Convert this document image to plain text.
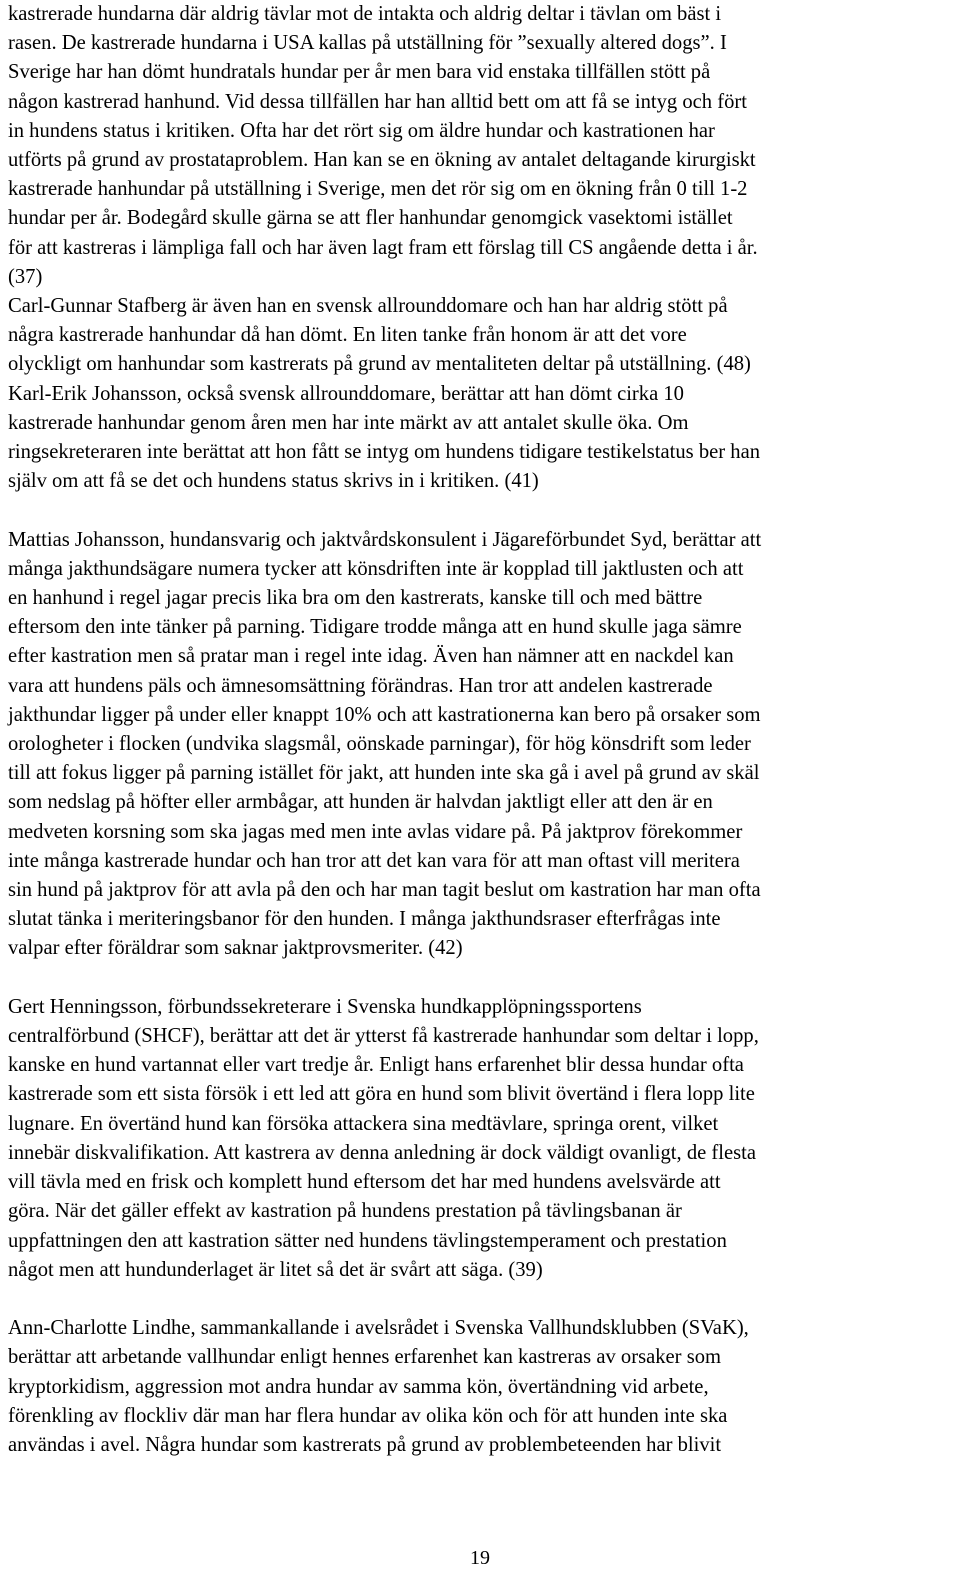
kastrerade hundarna där aldrig tävlar mot de intakta och aldrig deltar i tävlan om bäst i
rasen. De kastrerade hundarna i USA kallas på utställning för ”sexually altered dogs”. I
Sverige har han dömt hundratals hundar per år men bara vid enstaka tillfällen stött på
någon kastrerad hanhund. Vid dessa tillfällen har han alltid bett om att få se intyg och fört
in hundens status i kritiken. Ofta har det rört sig om äldre hundar och kastrationen har
utförts på grund av prostataproblem. Han kan se en ökning av antalet deltagande kirurgiskt
kastrerade hanhundar på utställning i Sverige, men det rör sig om en ökning från 0 till 1-2
hundar per år. Bodegård skulle gärna se att fler hanhundar genomgick vasektomi istället
för att kastreras i lämpliga fall och har även lagt fram ett förslag till CS angående detta i år.
(37)
Carl-Gunnar Stafberg är även han en svensk allrounddomare och han har aldrig stött på
några kastrerade hanhundar då han dömt. En liten tanke från honom är att det vore
olyckligt om hanhundar som kastrerats på grund av mentaliteten deltar på utställning. (48)
Karl-Erik Johansson, också svensk allrounddomare, berättar att han dömt cirka 10
kastrerade hanhundar genom åren men har inte märkt av att antalet skulle öka. Om
ringsekreteraren inte berättat att hon fått se intyg om hundens tidigare testikelstatus ber han
själv om att få se det och hundens status skrivs in i kritiken. (41)

Mattias Johansson, hundansvarig och jaktvårdskonsulent i Jägareförbundet Syd, berättar att
många jakthundsägare numera tycker att könsdriften inte är kopplad till jaktlusten och att
en hanhund i regel jagar precis lika bra om den kastrerats, kanske till och med bättre
eftersom den inte tänker på parning. Tidigare trodde många att en hund skulle jaga sämre
efter kastration men så pratar man i regel inte idag. Även han nämner att en nackdel kan
vara att hundens päls och ämnesomsättning förändras. Han tror att andelen kastrerade
jakthundar ligger på under eller knappt 10% och att kastrationerna kan bero på orsaker som
orologheter i flocken (undvika slagsmål, oönskade parningar), för hög könsdrift som leder
till att fokus ligger på parning istället för jakt, att hunden inte ska gå i avel på grund av skäl
som nedslag på höfter eller armbågar, att hunden är halvdan jaktligt eller att den är en
medveten korsning som ska jagas med men inte avlas vidare på. På jaktprov förekommer
inte många kastrerade hundar och han tror att det kan vara för att man oftast vill meritera
sin hund på jaktprov för att avla på den och har man tagit beslut om kastration har man ofta
slutat tänka i meriteringsbanor för den hunden. I många jakthundsraser efterfrågas inte
valpar efter föräldrar som saknar jaktprovsmeriter. (42)

Gert Henningsson, förbundssekreterare i Svenska hundkapplöpningssportens
centralförbund (SHCF), berättar att det är ytterst få kastrerade hanhundar som deltar i lopp,
kanske en hund vartannat eller vart tredje år. Enligt hans erfarenhet blir dessa hundar ofta
kastrerade som ett sista försök i ett led att göra en hund som blivit övertänd i flera lopp lite
lugnare. En övertänd hund kan försöka attackera sina medtävlare, springa orent, vilket
innebär diskvalifikation. Att kastrera av denna anledning är dock väldigt ovanligt, de flesta
vill tävla med en frisk och komplett hund eftersom det har med hundens avelsvärde att
göra. När det gäller effekt av kastration på hundens prestation på tävlingsbanan är
uppfattningen den att kastration sätter ned hundens tävlingstemperament och prestation
något men att hundunderlaget är litet så det är svårt att säga. (39)

Ann-Charlotte Lindhe, sammankallande i avelsrådet i Svenska Vallhundsklubben (SVaK),
berättar att arbetande vallhundar enligt hennes erfarenhet kan kastreras av orsaker som
kryptorkidism, aggression mot andra hundar av samma kön, övertändning vid arbete,
förenkling av flockliv där man har flera hundar av olika kön och för att hunden inte ska
användas i avel. Några hundar som kastrerats på grund av problembeteenden har blivit

19
